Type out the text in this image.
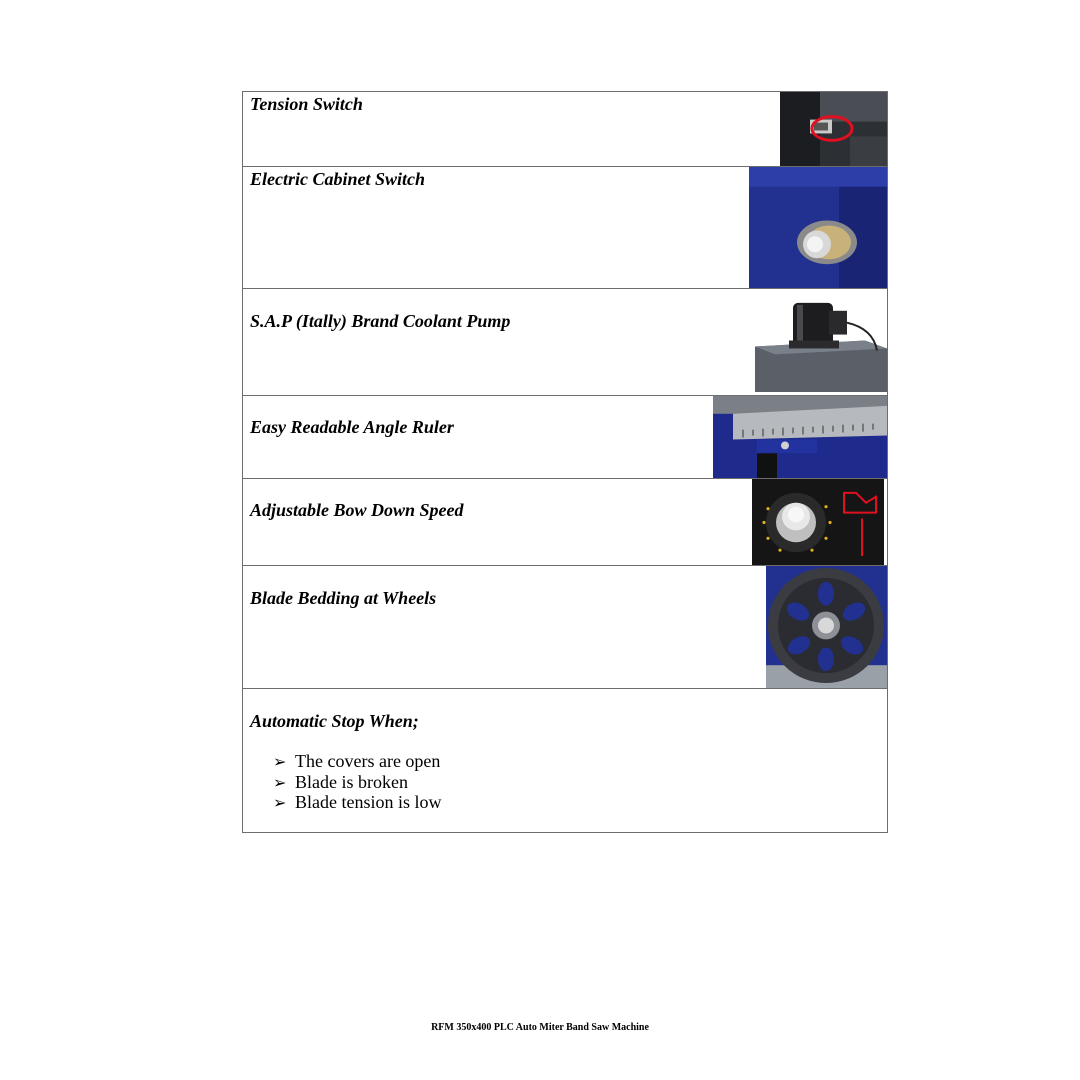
Tension Switch
Electric Cabinet Switch
S.A.P (Itally) Brand Coolant Pump
Easy Readable Angle Ruler
Adjustable Bow Down Speed
Blade Bedding at Wheels
Automatic Stop When;
➢ The covers are open
➢ Blade is broken
➢ Blade tension is low
RFM 350x400 PLC Auto Miter Band Saw Machine
